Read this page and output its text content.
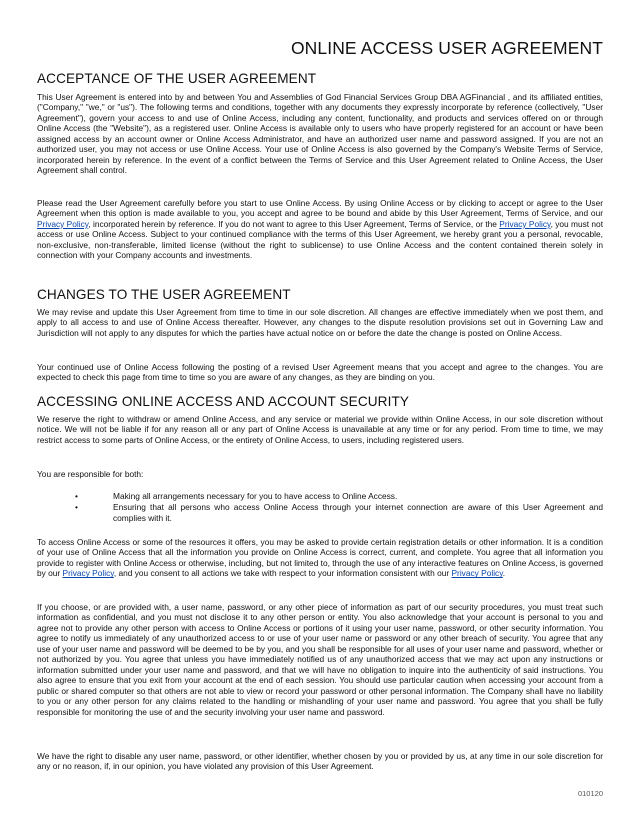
ONLINE ACCESS USER AGREEMENT
ACCEPTANCE OF THE USER AGREEMENT

This User Agreement is entered into by and between You and Assemblies of God Financial Services Group DBA AGFinancial , and its affiliated entities, ("Company," "we," or "us"). The following terms and conditions, together with any documents they expressly incorporate by reference (collectively, "User Agreement"), govern your access to and use of Online Access, including any content, functionality, and products and services offered on or through Online Access (the "Website"), as a registered user. Online Access is available only to users who have properly registered for an account or have been assigned access by an account owner or Online Access Administrator, and have an authorized user name and password assigned. If you are not an authorized user, you may not access or use Online Access. Your use of Online Access is also governed by the Company's Website Terms of Service, incorporated herein by reference. In the event of a conflict between the Terms of Service and this User Agreement related to Online Access, the User Agreement shall control.

Please read the User Agreement carefully before you start to use Online Access. By using Online Access or by clicking to accept or agree to the User Agreement when this option is made available to you, you accept and agree to be bound and abide by this User Agreement, Terms of Service, and our Privacy Policy, incorporated herein by reference. If you do not want to agree to this User Agreement, Terms of Service, or the Privacy Policy, you must not access or use Online Access. Subject to your continued compliance with the terms of this User Agreement, we hereby grant you a personal, revocable, non-exclusive, non-transferable, limited license (without the right to sublicense) to use Online Access and the content contained therein solely in connection with your Company accounts and investments.

CHANGES TO THE USER AGREEMENT

We may revise and update this User Agreement from time to time in our sole discretion. All changes are effective immediately when we post them, and apply to all access to and use of Online Access thereafter. However, any changes to the dispute resolution provisions set out in Governing Law and Jurisdiction will not apply to any disputes for which the parties have actual notice on or before the date the change is posted on Online Access.

Your continued use of Online Access following the posting of a revised User Agreement means that you accept and agree to the changes. You are expected to check this page from time to time so you are aware of any changes, as they are binding on you.

ACCESSING ONLINE ACCESS AND ACCOUNT SECURITY

We reserve the right to withdraw or amend Online Access, and any service or material we provide within Online Access, in our sole discretion without notice. We will not be liable if for any reason all or any part of Online Access is unavailable at any time or for any period. From time to time, we may restrict access to some parts of Online Access, or the entirety of Online Access, to users, including registered users.

You are responsible for both:

•	Making all arrangements necessary for you to have access to Online Access.
•	Ensuring that all persons who access Online Access through your internet connection are aware of this User Agreement and complies with it.

To access Online Access or some of the resources it offers, you may be asked to provide certain registration details or other information. It is a condition of your use of Online Access that all the information you provide on Online Access is correct, current, and complete. You agree that all information you provide to register with Online Access or otherwise, including, but not limited to, through the use of any interactive features on Online Access, is governed by our Privacy Policy, and you consent to all actions we take with respect to your information consistent with our Privacy Policy.

If you choose, or are provided with, a user name, password, or any other piece of information as part of our security procedures, you must treat such information as confidential, and you must not disclose it to any other person or entity. You also acknowledge that your account is personal to you and agree not to provide any other person with access to Online Access or portions of it using your user name, password, or other security information. You agree to notify us immediately of any unauthorized access to or use of your user name or password or any other breach of security. You agree that any use of your user name and password will be deemed to be by you, and you shall be responsible for all uses of your user name and password, whether or not authorized by you. You agree that unless you have immediately notified us of any unauthorized access that we may act upon any instructions or information submitted under your user name and password, and that we will have no obligation to inquire into the authenticity of said instructions. You also agree to ensure that you exit from your account at the end of each session. You should use particular caution when accessing your account from a public or shared computer so that others are not able to view or record your password or other personal information. The Company shall have no liability to you or any other person for any claims related to the handling or mishandling of your user name and password. You agree that you shall be fully responsible for monitoring the use of and the security involving your user name and password.

We have the right to disable any user name, password, or other identifier, whether chosen by you or provided by us, at any time in our sole discretion for any or no reason, if, in our opinion, you have violated any provision of this User Agreement.

010120
